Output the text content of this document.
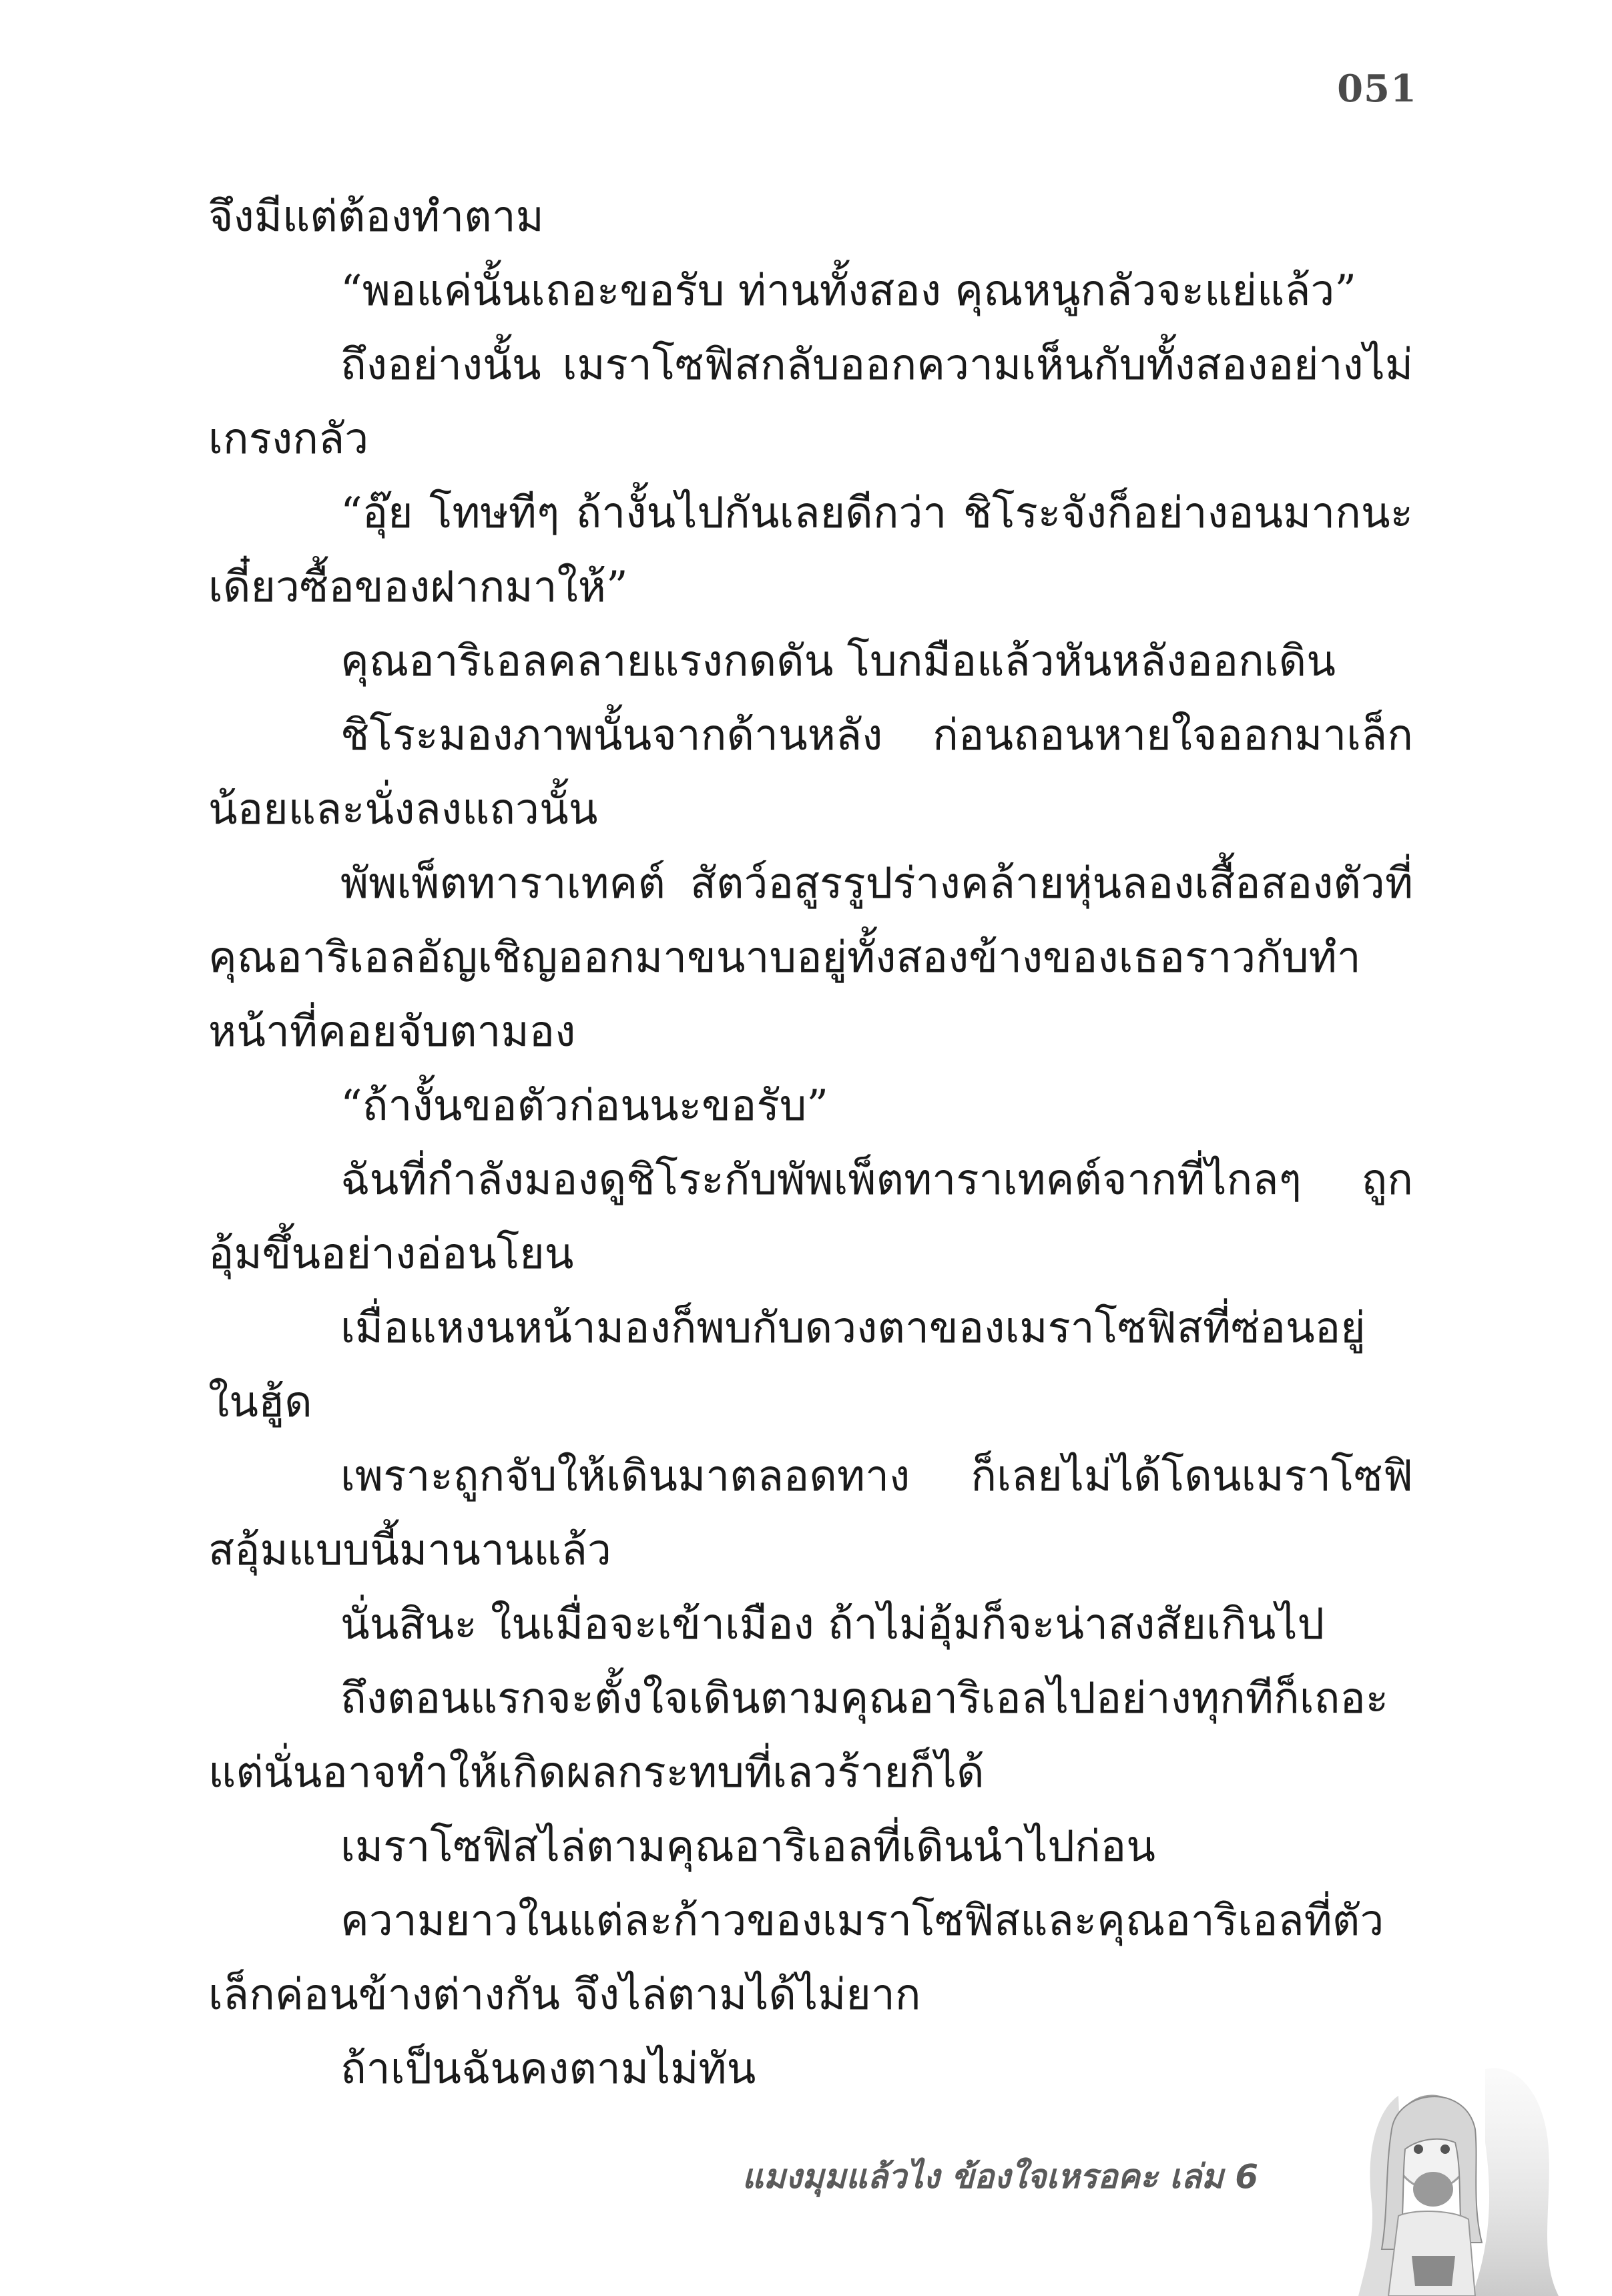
051

จึงมีแต่ต้องทำตาม

“พอแค่นั้นเถอะขอรับ ท่านทั้งสอง คุณหนูกลัวจะแย่แล้ว”

ถึงอย่างนั้น เมราโซฟิสกลับออกความเห็นกับทั้งสองอย่างไม่เกรงกลัว

“อุ๊ย โทษทีๆ ถ้างั้นไปกันเลยดีกว่า ชิโระจังก็อย่างอนมากนะ เดี๋ยวซื้อของฝากมาให้”

คุณอาริเอลคลายแรงกดดัน โบกมือแล้วหันหลังออกเดิน

ชิโระมองภาพนั้นจากด้านหลัง ก่อนถอนหายใจออกมาเล็กน้อยและนั่งลงแถวนั้น

พัพเพ็ตทาราเทคต์ สัตว์อสูรรูปร่างคล้ายหุ่นลองเสื้อสองตัวที่คุณอาริเอลอัญเชิญออกมาขนาบอยู่ทั้งสองข้างของเธอราวกับทำหน้าที่คอยจับตามอง

“ถ้างั้นขอตัวก่อนนะขอรับ”

ฉันที่กำลังมองดูชิโระกับพัพเพ็ตทาราเทคต์จากที่ไกลๆ ถูกอุ้มขึ้นอย่างอ่อนโยน

เมื่อแหงนหน้ามองก็พบกับดวงตาของเมราโซฟิสที่ซ่อนอยู่ในฮู้ด

เพราะถูกจับให้เดินมาตลอดทาง ก็เลยไม่ได้โดนเมราโซฟิสอุ้มแบบนี้มานานแล้ว

นั่นสินะ ในเมื่อจะเข้าเมือง ถ้าไม่อุ้มก็จะน่าสงสัยเกินไป

ถึงตอนแรกจะตั้งใจเดินตามคุณอาริเอลไปอย่างทุกทีก็เถอะแต่นั่นอาจทำให้เกิดผลกระทบที่เลวร้ายก็ได้

เมราโซฟิสไล่ตามคุณอาริเอลที่เดินนำไปก่อน

ความยาวในแต่ละก้าวของเมราโซฟิสและคุณอาริเอลที่ตัวเล็กค่อนข้างต่างกัน จึงไล่ตามได้ไม่ยาก

ถ้าเป็นฉันคงตามไม่ทัน

แมงมุมแล้วไง ข้องใจเหรอคะ เล่ม 6
